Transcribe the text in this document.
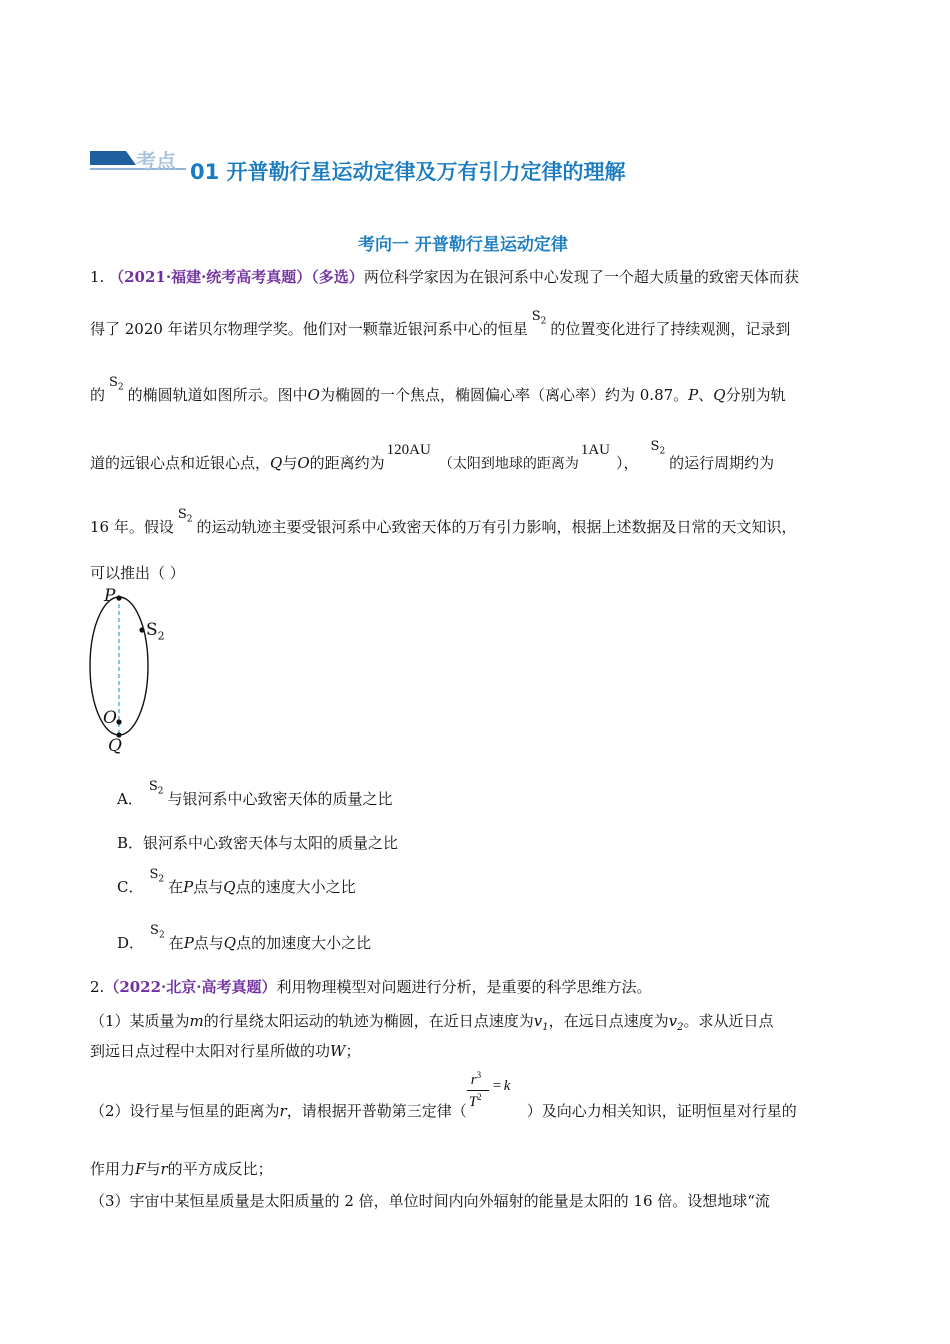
考点 01 开普勒行星运动定律及万有引力定律的理解
考向一 开普勒行星运动定律
1. （2021·福建·统考高考真题）（多选）两位科学家因为在银河系中心发现了一个超大质量的致密天体而获
得了 2020 年诺贝尔物理学奖。他们对一颗靠近银河系中心的恒星$S_2$ 的位置变化进行了持续观测，记录到
的$S_2$ 的椭圆轨道如图所示。图中O为椭圆的一个焦点，椭圆偏心率（离心率）约为 0.87。P、Q分别为轨
道的远银心点和近银心点，Q与O的距离约为120AU（太阳到地球的距离为1AU），$S_2$的运行周期约为
16 年。假设$S_2$ 的运动轨迹主要受银河系中心致密天体的万有引力影响，根据上述数据及日常的天文知识，
可以推出（ ）
P
$S_2$
O
Q
A．$S_2$ 与银河系中心致密天体的质量之比
B．银河系中心致密天体与太阳的质量之比
C．$S_2$ 在P点与Q点的速度大小之比
D．$S_2$ 在P点与Q点的加速度大小之比
2.（2022·北京·高考真题）利用物理模型对问题进行分析，是重要的科学思维方法。
（1）某质量为m的行星绕太阳运动的轨迹为椭圆，在近日点速度为$v_1$，在远日点速度为$v_2$。求从近日点
到远日点过程中太阳对行星所做的功W；
（2）设行星与恒星的距离为r，请根据开普勒第三定律（
$r^3$
$T^2$
= k
）及向心力相关知识，证明恒星对行星的
作用力F与r的平方成反比；
（3）宇宙中某恒星质量是太阳质量的 2 倍，单位时间内向外辐射的能量是太阳的 16 倍。设想地球“流
